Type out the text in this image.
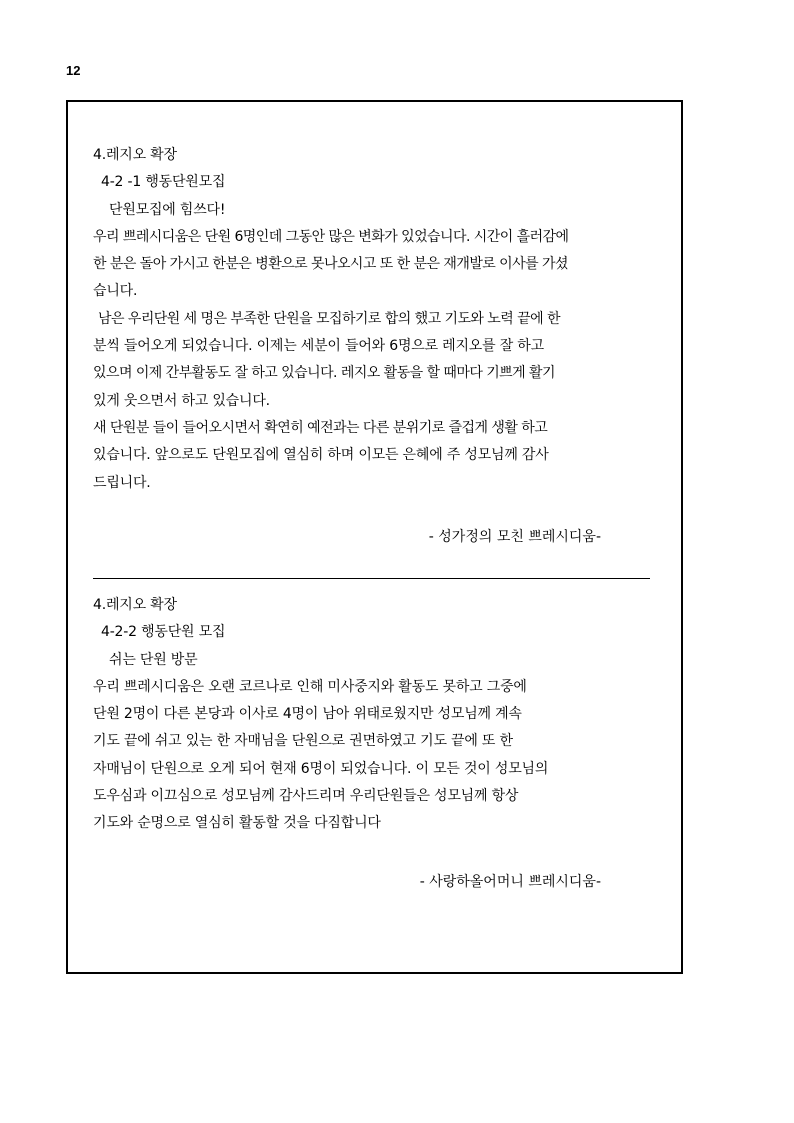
12
4.레지오 확장
4-2 -1 행동단원모집
단원모집에 힘쓰다!
우리 쁘레시디움은 단원 6명인데 그동안 많은 변화가 있었습니다. 시간이 흘러감에
한 분은 돌아 가시고 한분은 병환으로 못나오시고 또 한 분은 재개발로 이사를 가셨
습니다.
남은 우리단원 세 명은 부족한 단원을 모집하기로 합의 했고 기도와 노력 끝에 한
분씩 들어오게 되었습니다. 이제는 세분이 들어와 6명으로 레지오를 잘 하고
있으며 이제 간부활동도 잘 하고 있습니다. 레지오 활동을 할 때마다 기쁘게 활기
있게 웃으면서 하고 있습니다.
새 단원분 들이 들어오시면서 확연히 예전과는 다른 분위기로 즐겁게 생활 하고
있습니다. 앞으로도 단원모집에 열심히 하며 이모든 은혜에 주 성모님께 감사
드립니다.
- 성가정의 모친 쁘레시디움-
4.레지오 확장
4-2-2 행동단원 모집
쉬는 단원 방문
우리 쁘레시디움은 오랜 코르나로 인해 미사중지와 활동도 못하고 그중에
단원 2명이 다른 본당과 이사로 4명이 남아 위태로웠지만 성모님께 계속
기도 끝에 쉬고 있는 한 자매님을 단원으로 권면하였고 기도 끝에 또 한
자매님이 단원으로 오게 되어 현재 6명이 되었습니다. 이 모든 것이 성모님의
도우심과 이끄심으로 성모님께 감사드리며 우리단원들은 성모님께 항상
기도와 순명으로 열심히 활동할 것을 다짐합니다
- 사랑하올어머니 쁘레시디움-
